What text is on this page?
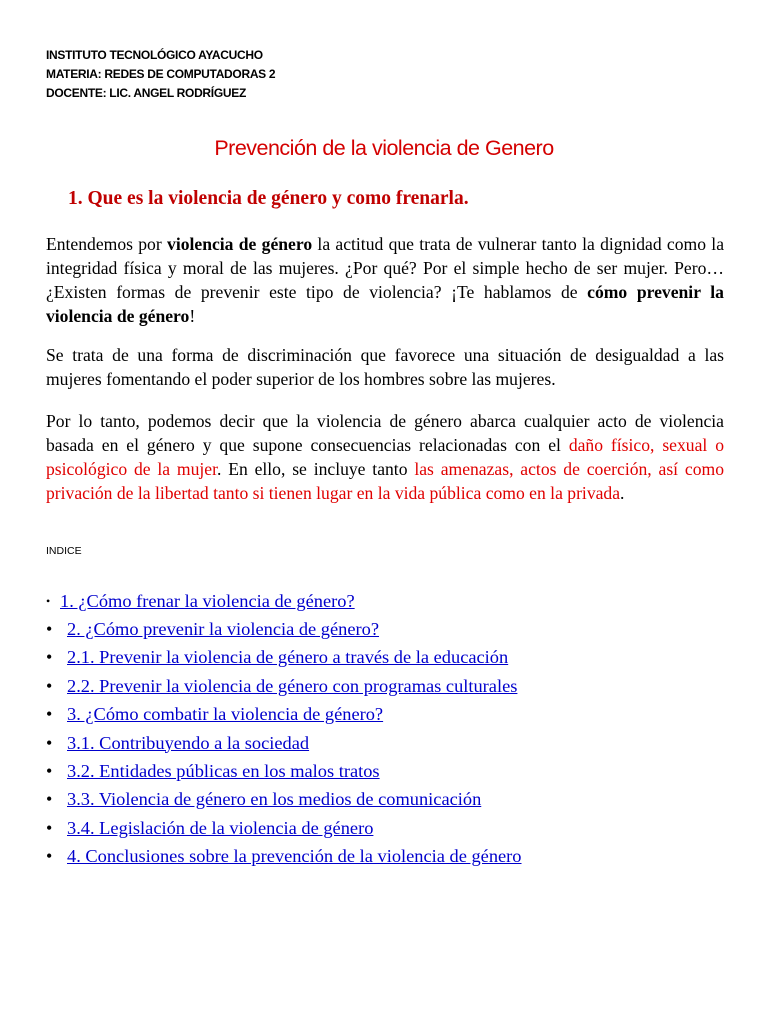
INSTITUTO TECNOLÓGICO AYACUCHO
MATERIA: REDES DE COMPUTADORAS 2
DOCENTE: LIC. ANGEL RODRÍGUEZ
Prevención de la violencia de Genero
1. Que es la violencia de género y como frenarla.

Entendemos por violencia de género la actitud que trata de vulnerar tanto la dignidad como la integridad física y moral de las mujeres. ¿Por qué? Por el simple hecho de ser mujer. Pero… ¿Existen formas de prevenir este tipo de violencia? ¡Te hablamos de cómo prevenir la violencia de género!

Se trata de una forma de discriminación que favorece una situación de desigualdad a las mujeres fomentando el poder superior de los hombres sobre las mujeres.

Por lo tanto, podemos decir que la violencia de género abarca cualquier acto de violencia basada en el género y que supone consecuencias relacionadas con el daño físico, sexual o psicológico de la mujer. En ello, se incluye tanto las amenazas, actos de coerción, así como privación de la libertad tanto si tienen lugar en la vida pública como en la privada.

INDICE
• 1. ¿Cómo frenar la violencia de género?
• 2. ¿Cómo prevenir la violencia de género?
• 2.1. Prevenir la violencia de género a través de la educación
• 2.2. Prevenir la violencia de género con programas culturales
• 3. ¿Cómo combatir la violencia de género?
• 3.1. Contribuyendo a la sociedad
• 3.2. Entidades públicas en los malos tratos
• 3.3. Violencia de género en los medios de comunicación
• 3.4. Legislación de la violencia de género
• 4. Conclusiones sobre la prevención de la violencia de género
